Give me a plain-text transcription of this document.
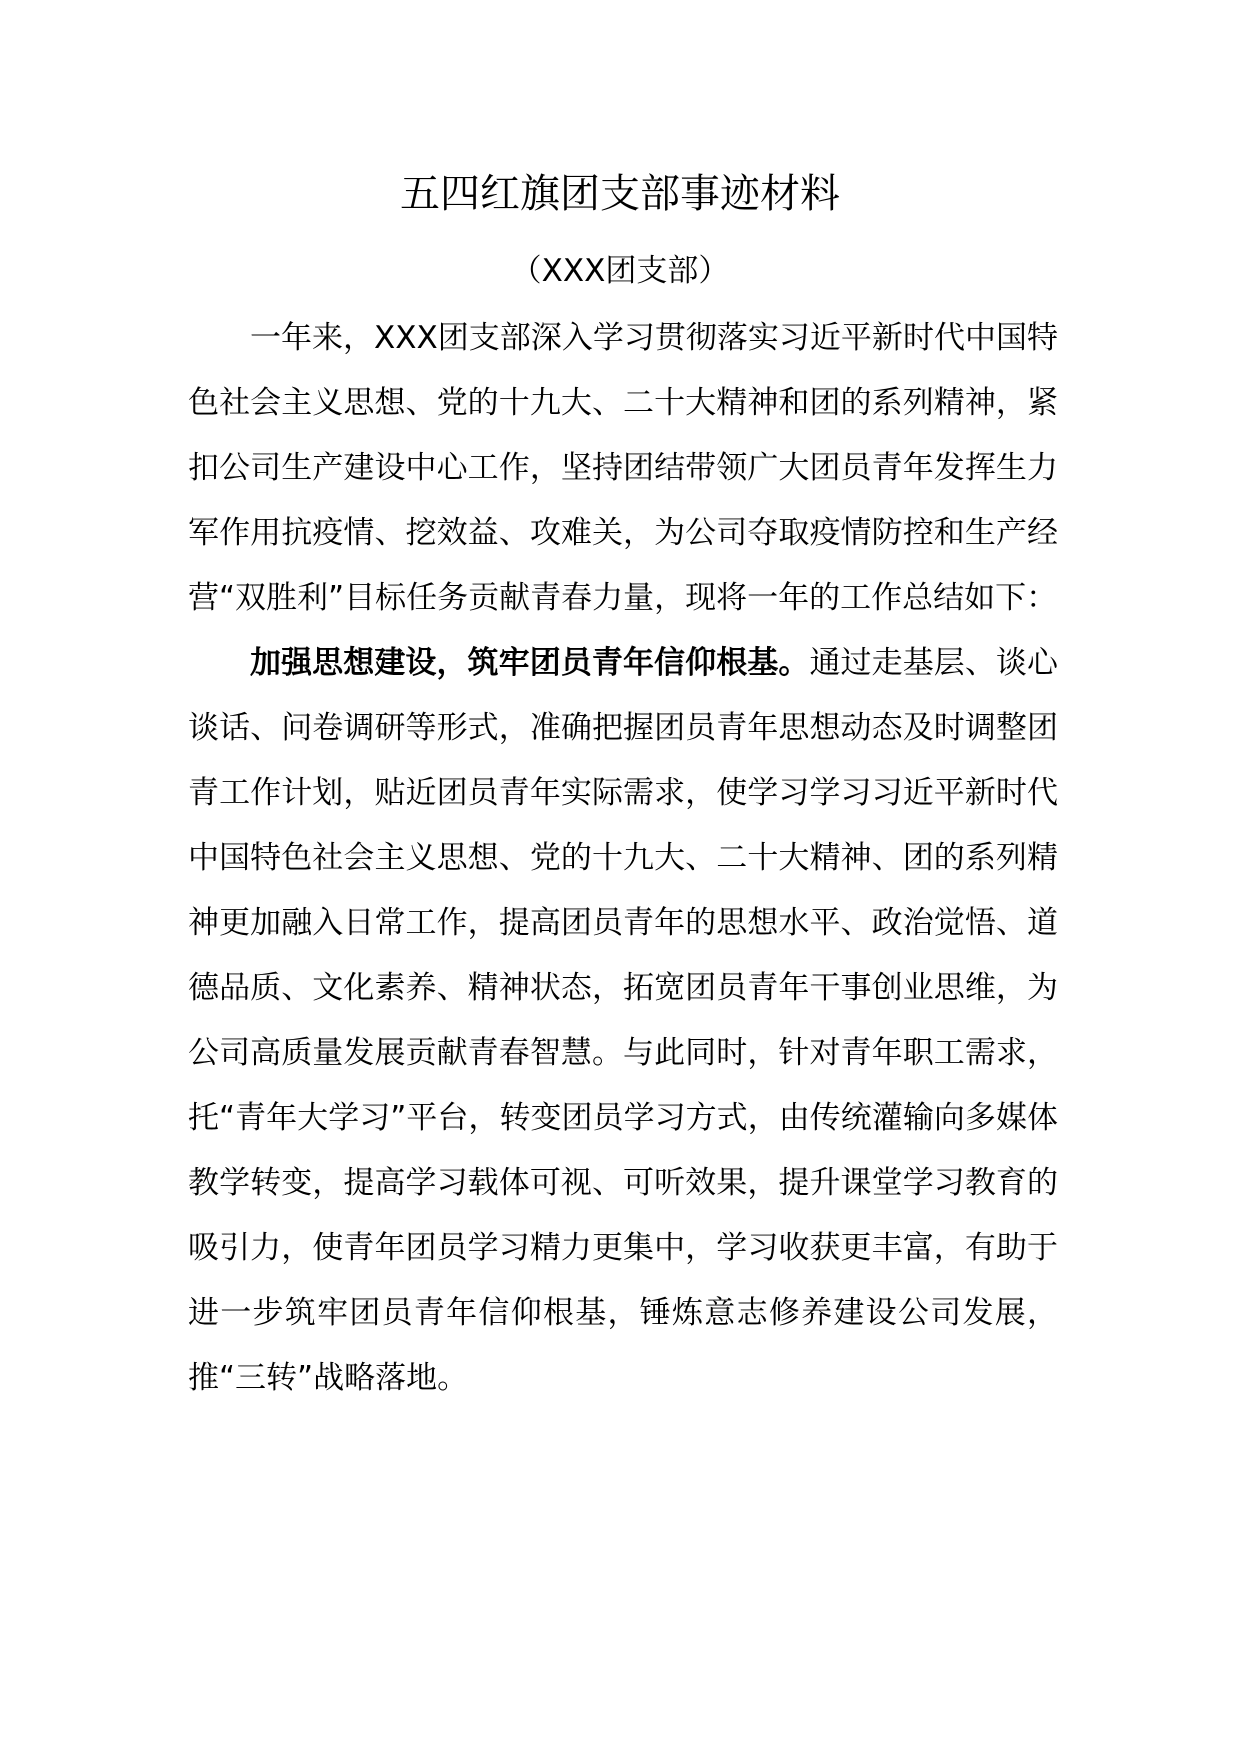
五四红旗团支部事迹材料
（XXX团支部）

一年来，XXX团支部深入学习贯彻落实习近平新时代中国特色社会主义思想、党的十九大、二十大精神和团的系列精神，紧扣公司生产建设中心工作，坚持团结带领广大团员青年发挥生力军作用抗疫情、挖效益、攻难关，为公司夺取疫情防控和生产经营“双胜利”目标任务贡献青春力量，现将一年的工作总结如下：

加强思想建设，筑牢团员青年信仰根基。通过走基层、谈心谈话、问卷调研等形式，准确把握团员青年思想动态及时调整团青工作计划，贴近团员青年实际需求，使学习学习习近平新时代中国特色社会主义思想、党的十九大、二十大精神、团的系列精神更加融入日常工作，提高团员青年的思想水平、政治觉悟、道德品质、文化素养、精神状态，拓宽团员青年干事创业思维，为公司高质量发展贡献青春智慧。与此同时，针对青年职工需求，托“青年大学习”平台，转变团员学习方式，由传统灌输向多媒体教学转变，提高学习载体可视、可听效果，提升课堂学习教育的吸引力，使青年团员学习精力更集中，学习收获更丰富，有助于进一步筑牢团员青年信仰根基，锤炼意志修养建设公司发展，推“三转”战略落地。
